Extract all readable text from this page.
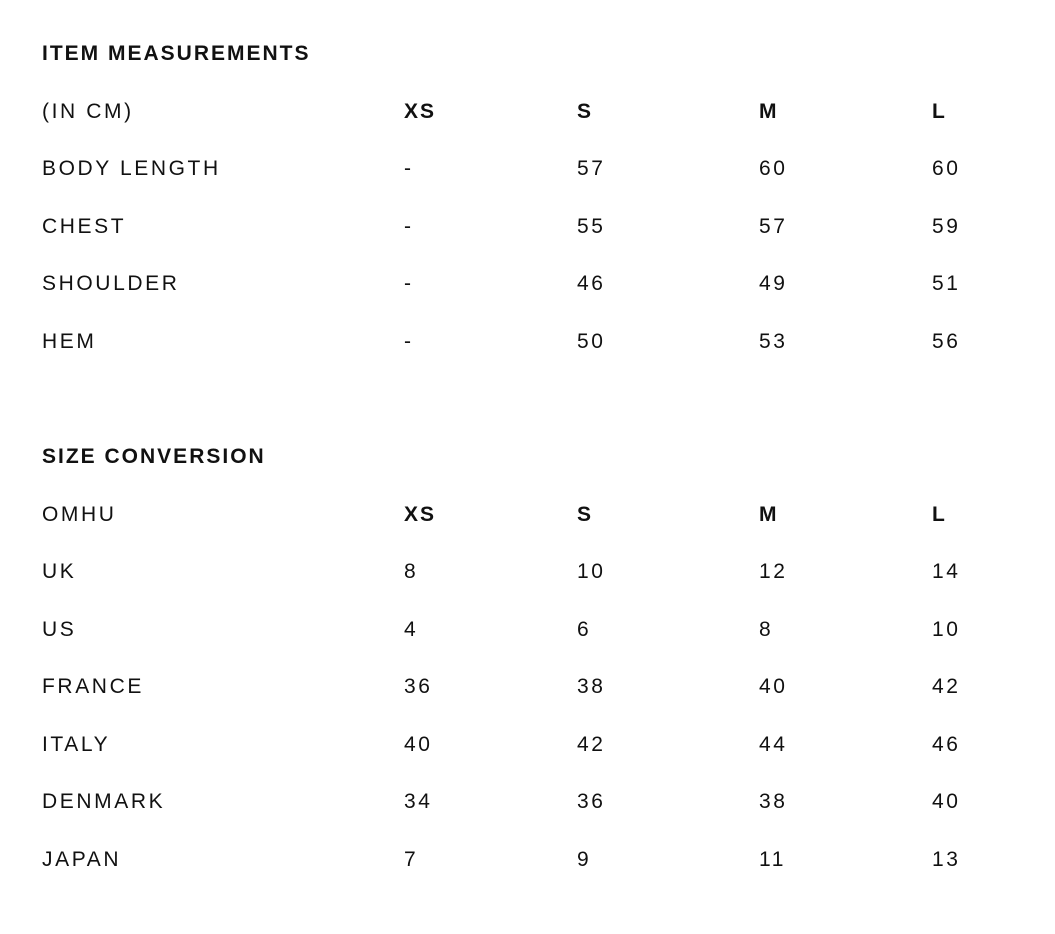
ITEM MEASUREMENTS
(IN CM)	XS	S	M	L
BODY LENGTH	-	57	60	60
CHEST	-	55	57	59
SHOULDER	-	46	49	51
HEM	-	50	53	56
SIZE CONVERSION
OMHU	XS	S	M	L
UK	8	10	12	14
US	4	6	8	10
FRANCE	36	38	40	42
ITALY	40	42	44	46
DENMARK	34	36	38	40
JAPAN	7	9	11	13
